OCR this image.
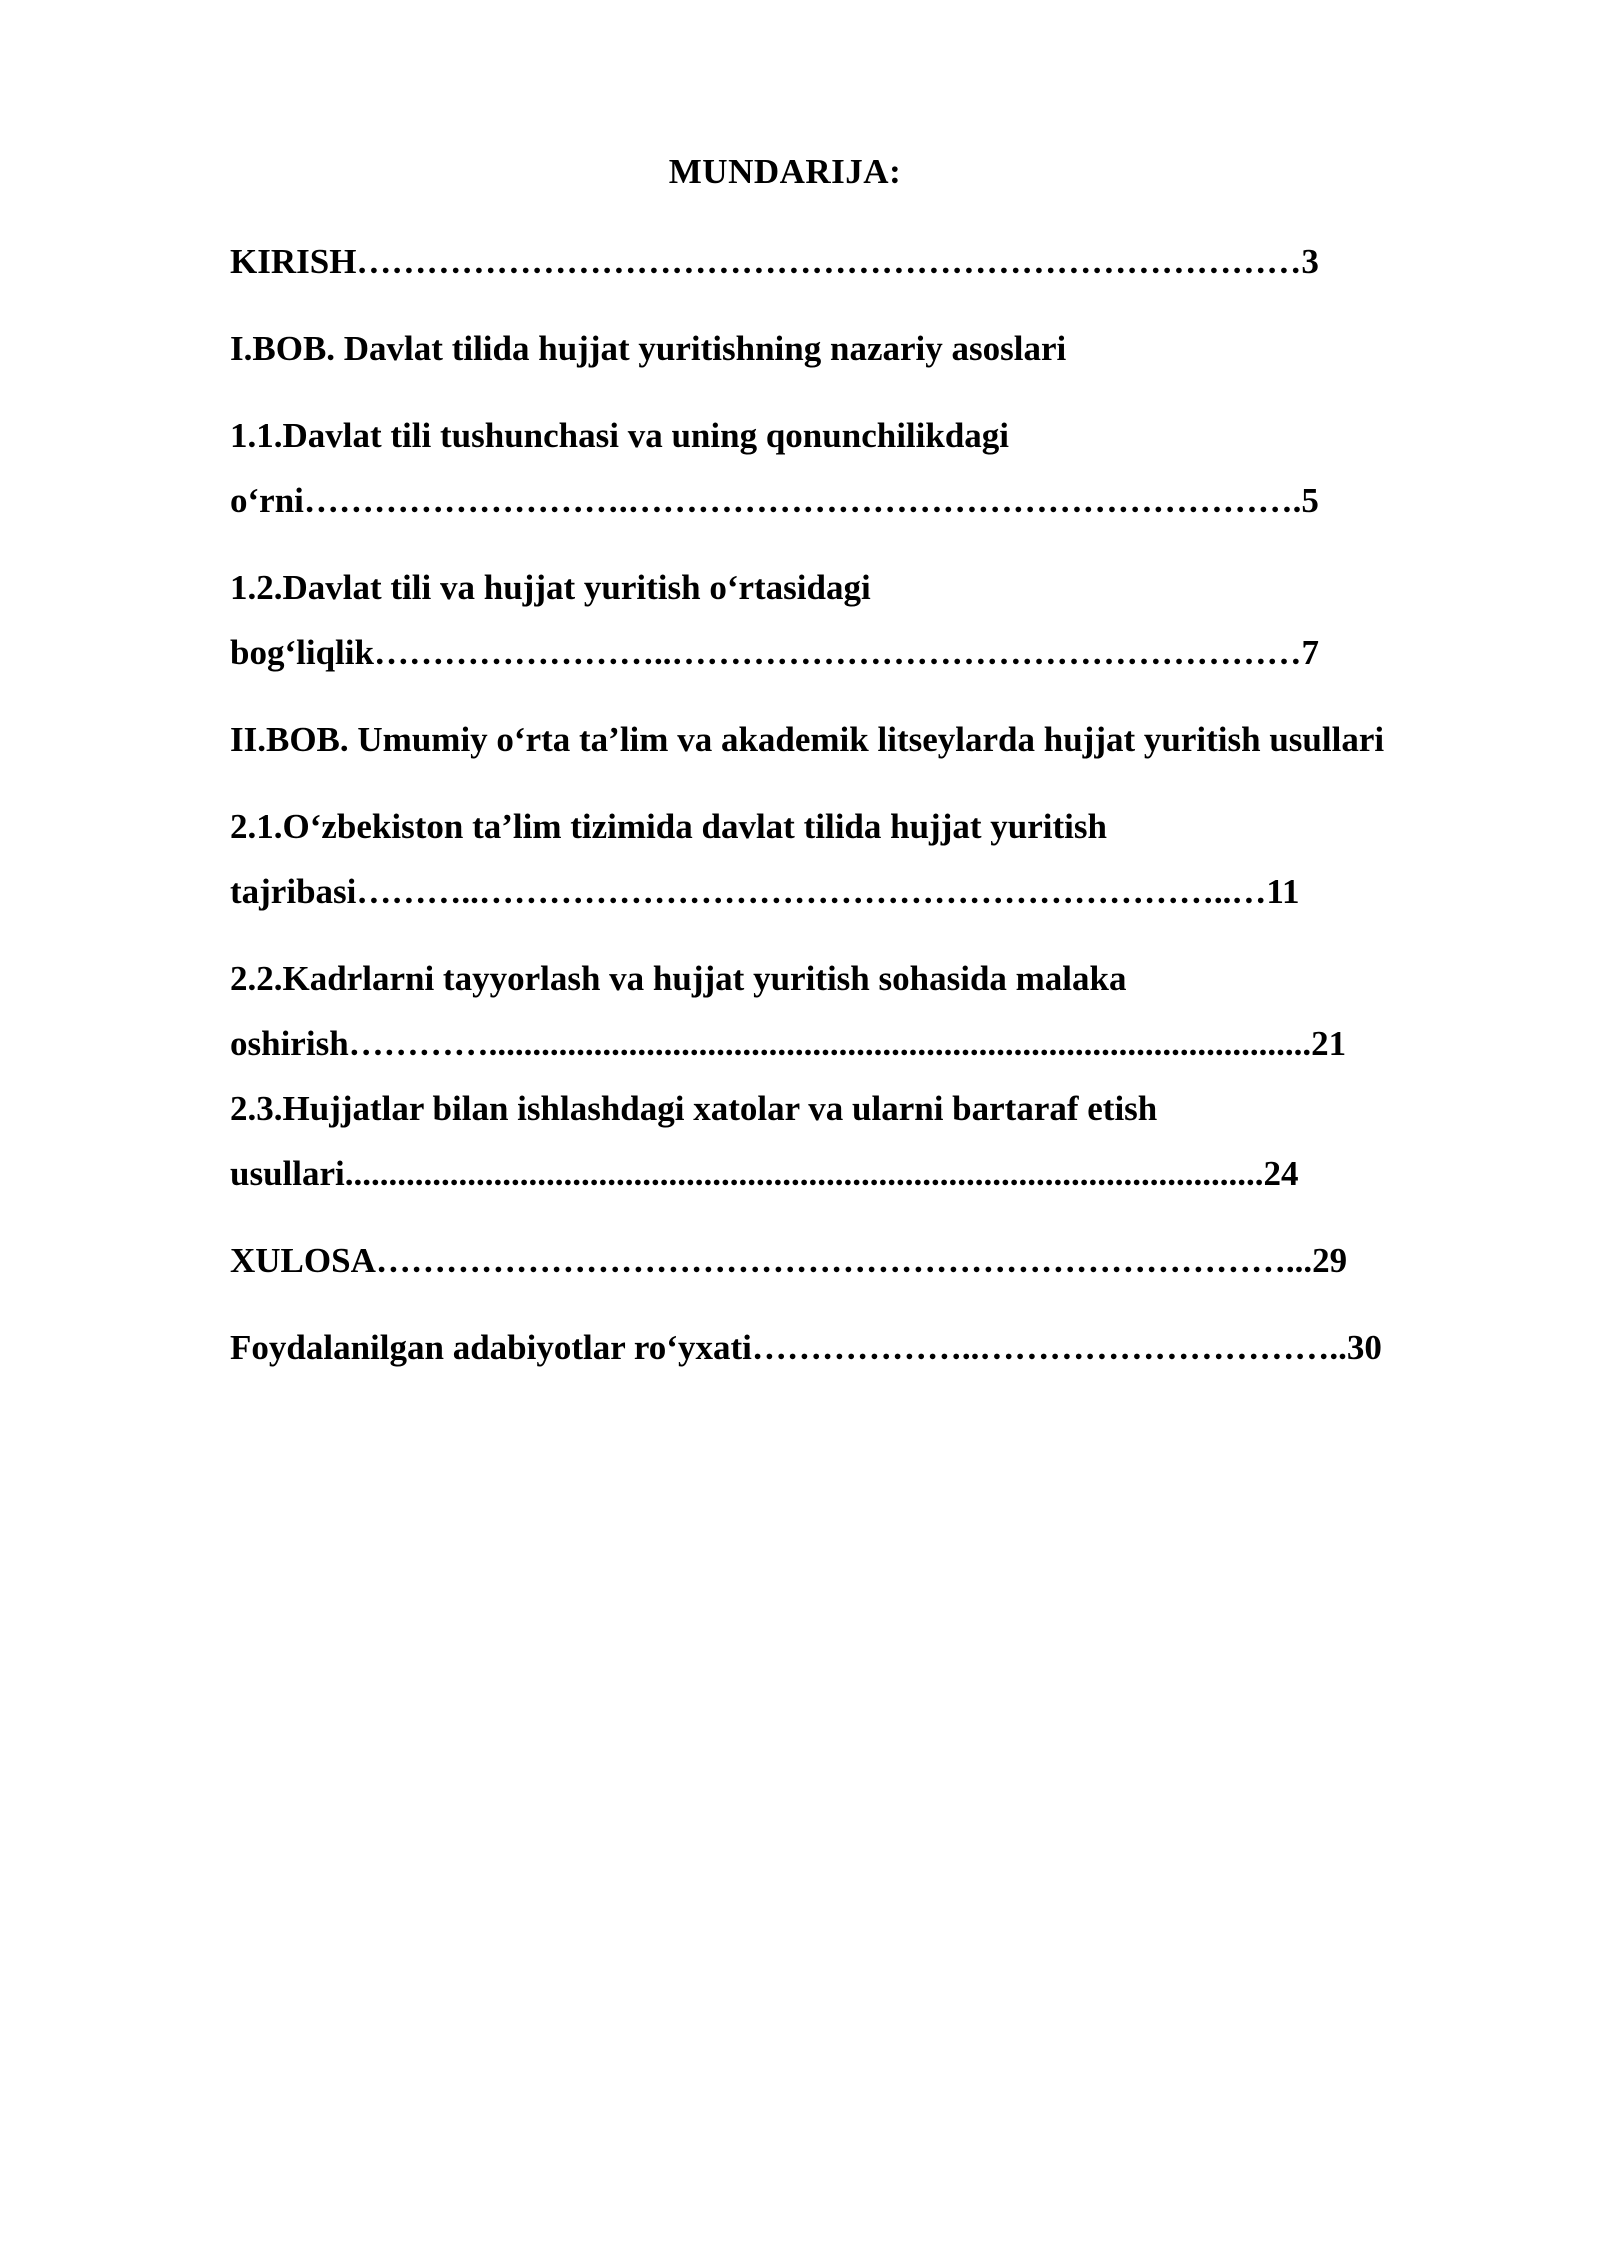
MUNDARIJA:
KIRISH………………………………………………………………………3
I.BOB. Davlat tilida hujjat yuritishning nazariy asoslari
1.1.Davlat tili tushunchasi va uning qonunchilikdagi
o‘rni……………………….………………………………………………….5
1.2.Davlat tili va hujjat yuritish o‘rtasidagi
bog‘liqlik……………………..………………………………………………7
II.BOB. Umumiy o‘rta ta’lim va akademik litseylarda hujjat yuritish usullari
2.1.O‘zbekiston ta’lim tizimida davlat tilida hujjat yuritish
tajribasi………..………………………………………………………..…11
2.2.Kadrlarni tayyorlash va hujjat yuritish sohasida malaka
oshirish…………..............................................................................................21
2.3.Hujjatlar bilan ishlashdagi xatolar va ularni bartaraf etish
usullari.........................................................................................................24
XULOSA……………………………………………………………………...29
Foydalanilgan adabiyotlar ro‘yxati………………..…………………………..30
